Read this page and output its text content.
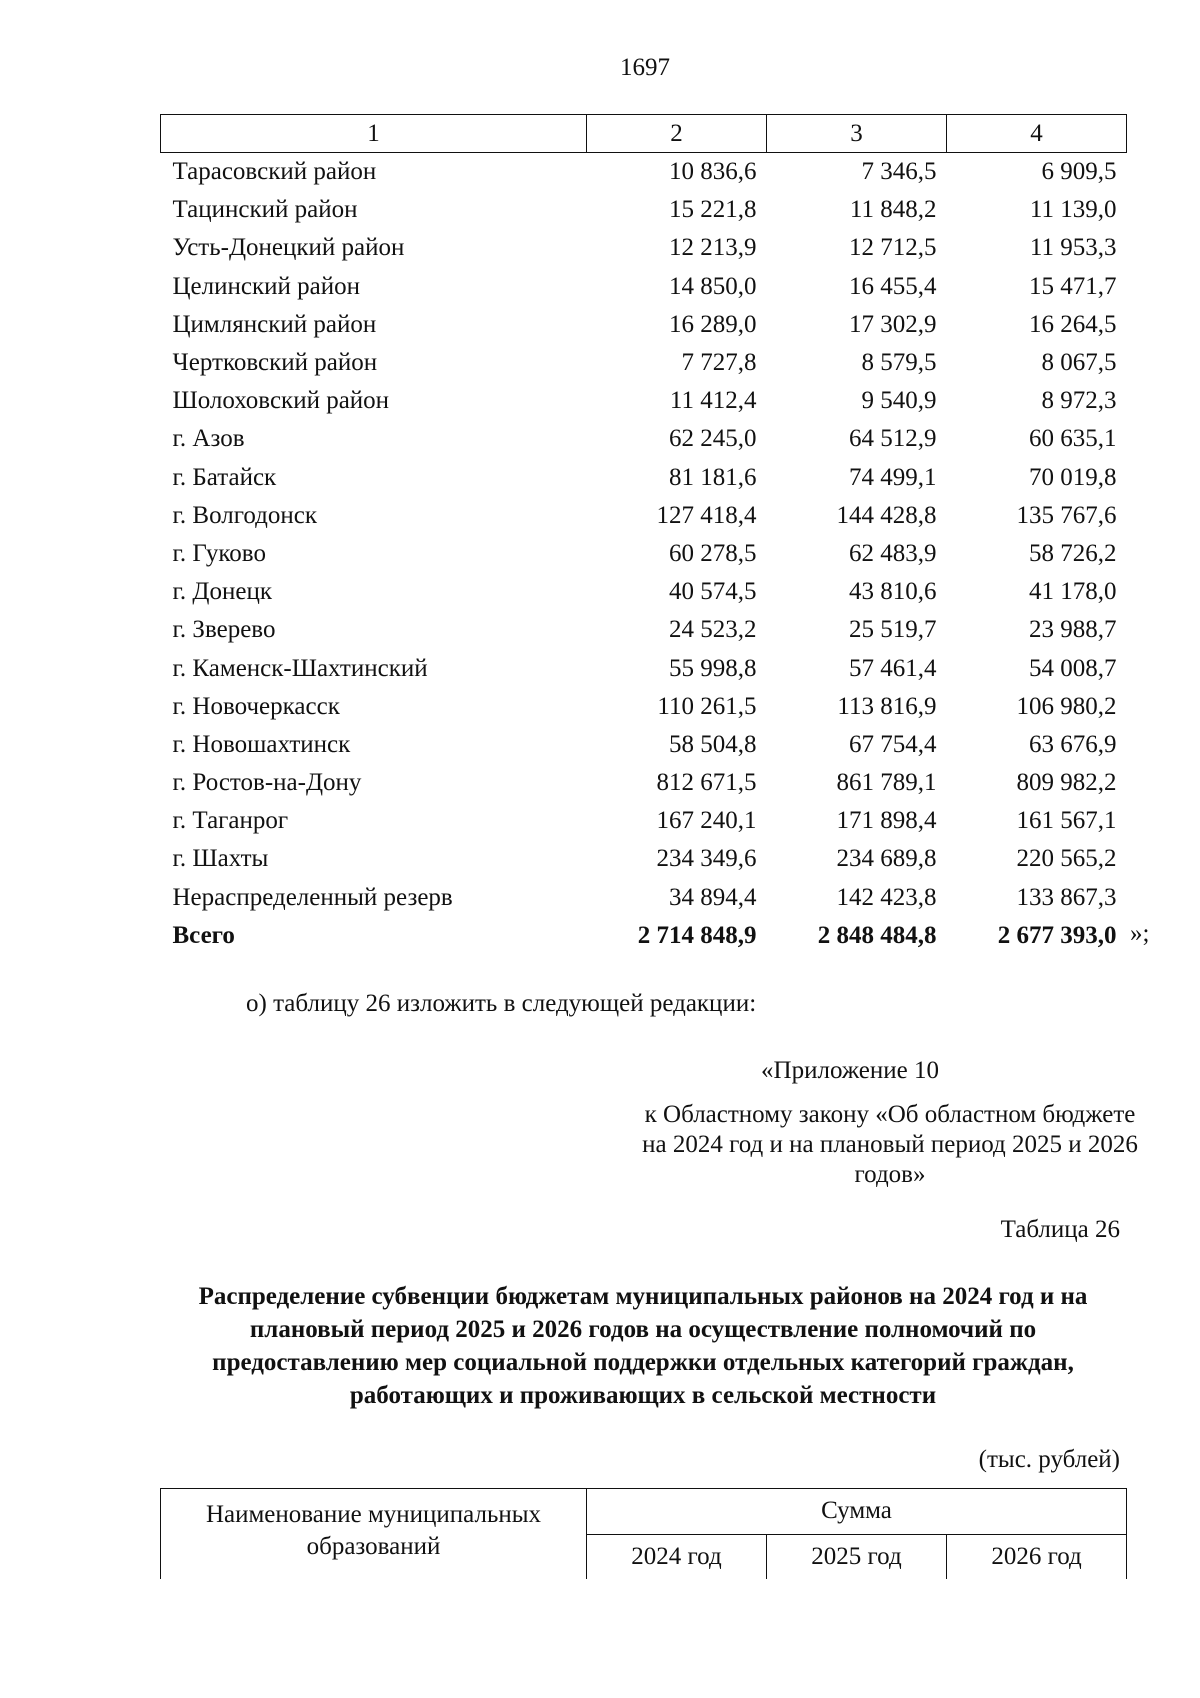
1697
1	2	3	4
Тарасовский район	10 836,6	7 346,5	6 909,5
Тацинский район	15 221,8	11 848,2	11 139,0
Усть-Донецкий район	12 213,9	12 712,5	11 953,3
Целинский район	14 850,0	16 455,4	15 471,7
Цимлянский район	16 289,0	17 302,9	16 264,5
Чертковский район	7 727,8	8 579,5	8 067,5
Шолоховский район	11 412,4	9 540,9	8 972,3
г. Азов	62 245,0	64 512,9	60 635,1
г. Батайск	81 181,6	74 499,1	70 019,8
г. Волгодонск	127 418,4	144 428,8	135 767,6
г. Гуково	60 278,5	62 483,9	58 726,2
г. Донецк	40 574,5	43 810,6	41 178,0
г. Зверево	24 523,2	25 519,7	23 988,7
г. Каменск-Шахтинский	55 998,8	57 461,4	54 008,7
г. Новочеркасск	110 261,5	113 816,9	106 980,2
г. Новошахтинск	58 504,8	67 754,4	63 676,9
г. Ростов-на-Дону	812 671,5	861 789,1	809 982,2
г. Таганрог	167 240,1	171 898,4	161 567,1
г. Шахты	234 349,6	234 689,8	220 565,2
Нераспределенный резерв	34 894,4	142 423,8	133 867,3
Всего	2 714 848,9	2 848 484,8	2 677 393,0 »;
о) таблицу 26 изложить в следующей редакции:
«Приложение 10
к Областному закону «Об областном бюджете на 2024 год и на плановый период 2025 и 2026 годов»
Таблица 26
Распределение субвенции бюджетам муниципальных районов на 2024 год и на плановый период 2025 и 2026 годов на осуществление полномочий по предоставлению мер социальной поддержки отдельных категорий граждан, работающих и проживающих в сельской местности
(тыс. рублей)
Наименование муниципальных образований	Сумма		
	2024 год	2025 год	2026 год
